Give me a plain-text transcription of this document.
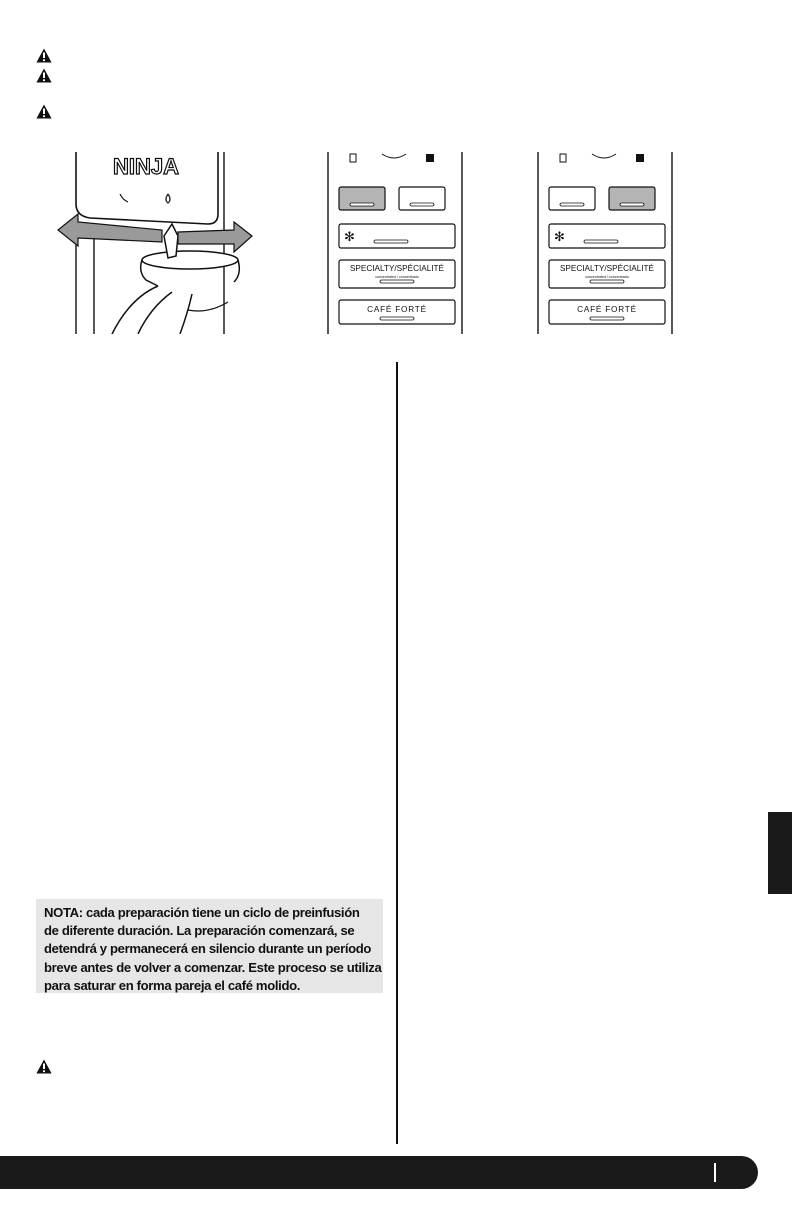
NINJA
✻
SPECIALTY/SPÉCIALITÉ
concentrated / concentrado
CAFÉ FORTÉ
✻
SPECIALTY/SPÉCIALITÉ
concentrated / concentrado
CAFÉ FORTÉ
NOTA: cada preparación tiene un ciclo de preinfusión
de diferente duración. La preparación comenzará, se
detendrá y permanecerá en silencio durante un período
breve antes de volver a comenzar. Este proceso se utiliza
para saturar en forma pareja el café molido.
